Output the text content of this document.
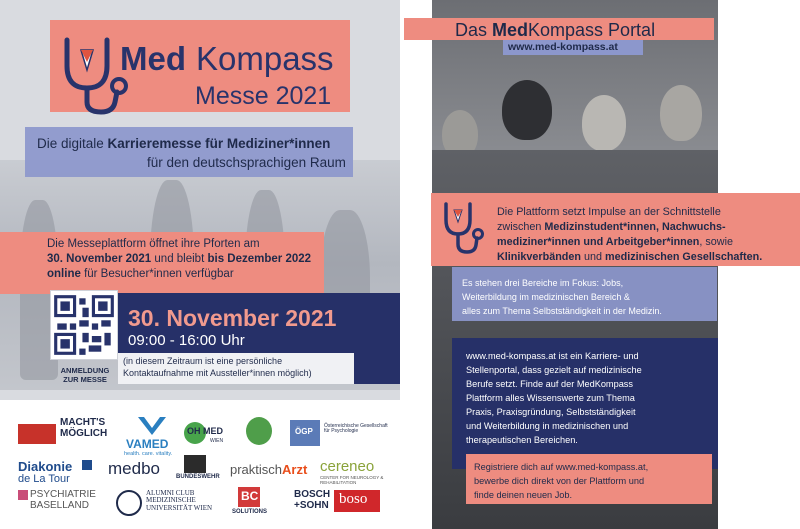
Med Kompass
Messe 2021
Die digitale Karrieremesse für Mediziner*innen
für den deutschsprachigen Raum
Die Messeplattform öffnet ihre Pforten am
30. November 2021 und bleibt bis Dezember 2022
online für Besucher*innen verfügbar
30. November 2021
09:00 - 16:00 Uhr
(in diesem Zeitraum ist eine persönliche
Kontaktaufnahme mit Aussteller*innen möglich)
ANMELDUNG
ZUR MESSE
MACHT'S
MÖGLICH
VAMED
health. care. vitality.
OH MED
WIEN
ÖGP
Österreichische Gesellschaft
für Psychologie
Diakonie
de La Tour
medbo	BUNDESWEHR praktischArzt cereneo
CENTER FOR NEUROLOGY & REHABILITATION
PSYCHIATRIE
BASELLAND
ALUMNI CLUB
MEDIZINISCHE
UNIVERSITÄT WIEN
BC
SOLUTIONS
BOSCH
+SOHN boso
Das MedKompass Portal
www.med-kompass.at
Die Plattform setzt Impulse an der Schnittstelle
zwischen Medizinstudent*innen, Nachwuchs-
mediziner*innen und Arbeitgeber*innen, sowie
Klinikverbänden und medizinischen Gesellschaften.
Es stehen drei Bereiche im Fokus: Jobs,
Weiterbildung im medizinischen Bereich &
alles zum Thema Selbstständigkeit in der Medizin.
www.med-kompass.at ist ein Karriere- und
Stellenportal, dass gezielt auf medizinische
Berufe setzt. Finde auf der MedKompass
Plattform alles Wissenswerte zum Thema
Praxis, Praxisgründung, Selbstständigkeit
und Weiterbildung in medizinischen und
therapeutischen Bereichen.
Registriere dich auf www.med-kompass.at,
bewerbe dich direkt von der Plattform und
finde deinen neuen Job.
